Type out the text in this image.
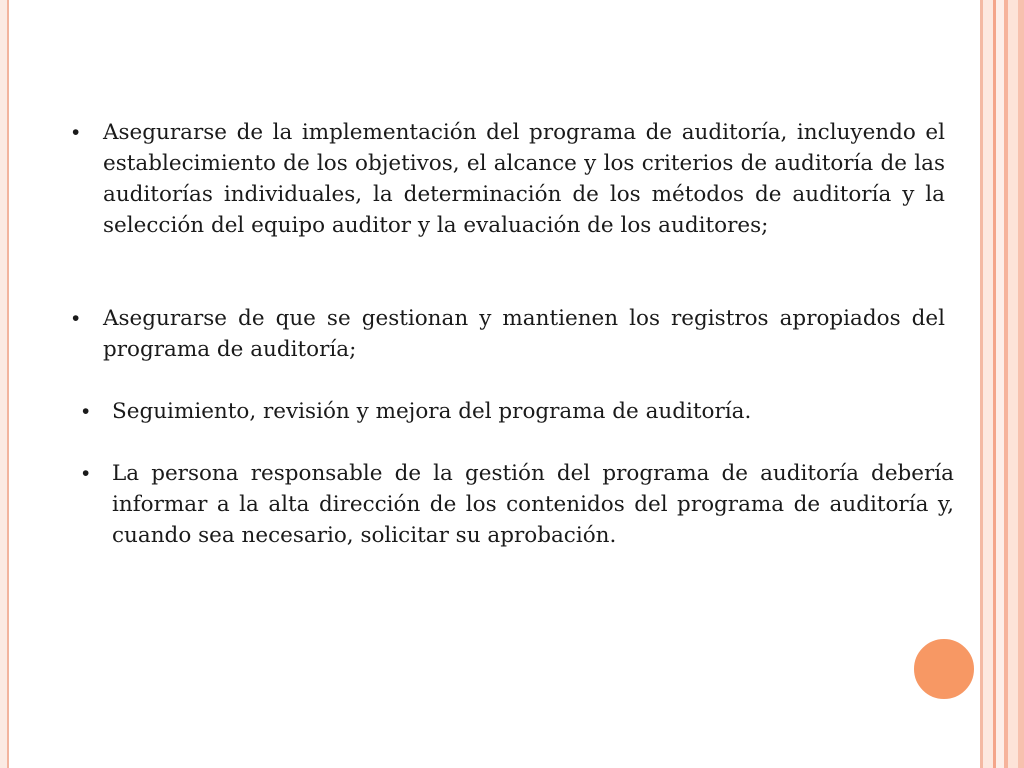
• Asegurarse de la implementación del programa de auditoría, incluyendo el establecimiento de los objetivos, el alcance y los criterios de auditoría de las auditorías individuales, la determinación de los métodos de auditoría y la selección del equipo auditor y la evaluación de los auditores;
• Asegurarse de que se gestionan y mantienen los registros apropiados del programa de auditoría;
• Seguimiento, revisión y mejora del programa de auditoría.
• La persona responsable de la gestión del programa de auditoría debería informar a la alta dirección de los contenidos del programa de auditoría y, cuando sea necesario, solicitar su aprobación.
